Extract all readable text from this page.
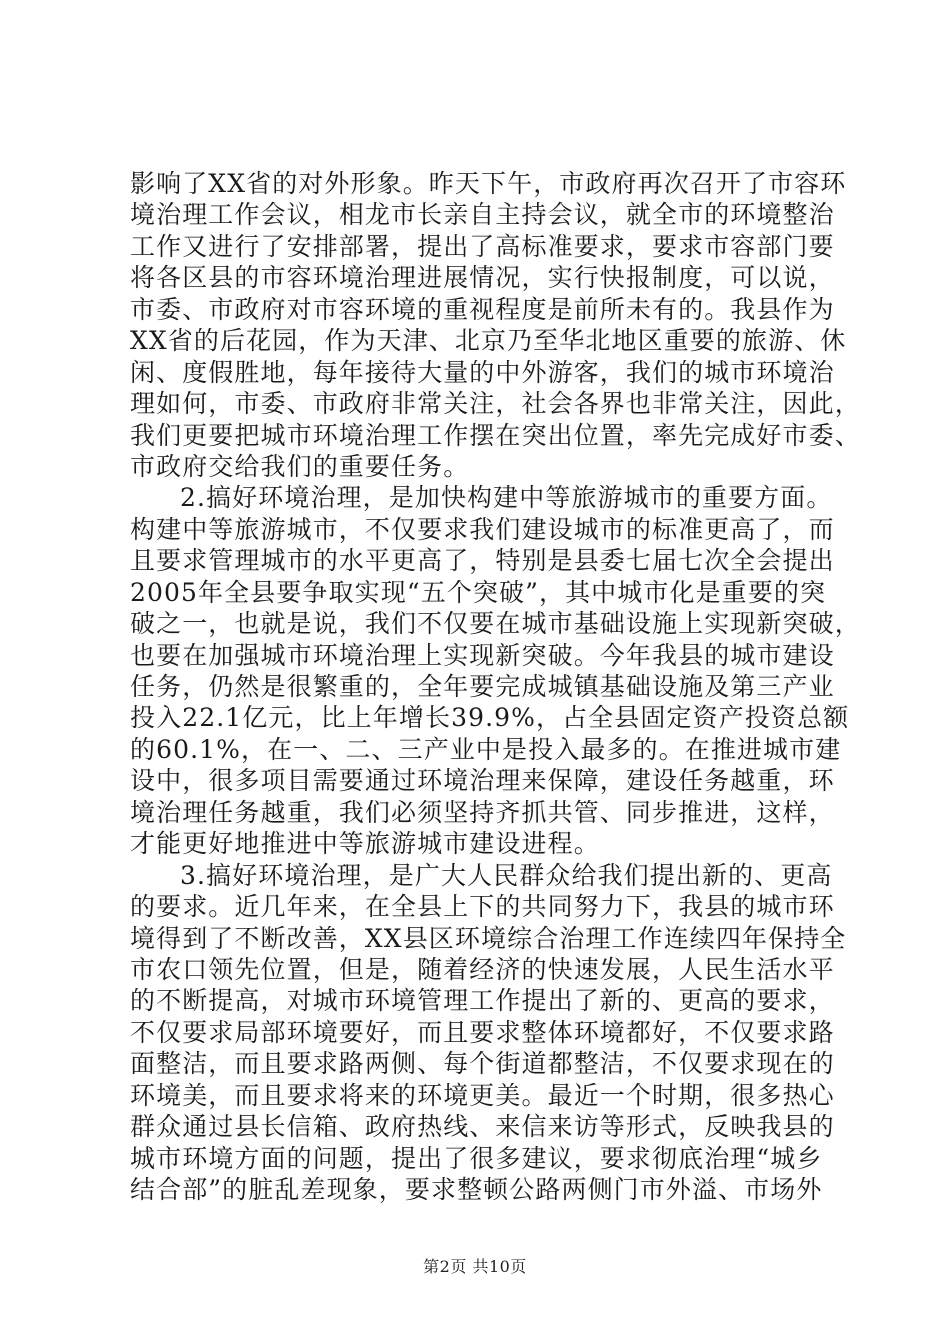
影响了XX省的对外形象。昨天下午，市政府再次召开了市容环
境治理工作会议，相龙市长亲自主持会议，就全市的环境整治
工作又进行了安排部署，提出了高标准要求，要求市容部门要
将各区县的市容环境治理进展情况，实行快报制度，可以说，
市委、市政府对市容环境的重视程度是前所未有的。我县作为
XX省的后花园，作为天津、北京乃至华北地区重要的旅游、休
闲、度假胜地，每年接待大量的中外游客，我们的城市环境治
理如何，市委、市政府非常关注，社会各界也非常关注，因此，
我们更要把城市环境治理工作摆在突出位置，率先完成好市委、
市政府交给我们的重要任务。
2.搞好环境治理，是加快构建中等旅游城市的重要方面。
构建中等旅游城市，不仅要求我们建设城市的标准更高了，而
且要求管理城市的水平更高了，特别是县委七届七次全会提出
2005年全县要争取实现“五个突破”，其中城市化是重要的突
破之一，也就是说，我们不仅要在城市基础设施上实现新突破，
也要在加强城市环境治理上实现新突破。今年我县的城市建设
任务，仍然是很繁重的，全年要完成城镇基础设施及第三产业
投入22.1亿元，比上年增长39.9%，占全县固定资产投资总额
的60.1%，在一、二、三产业中是投入最多的。在推进城市建
设中，很多项目需要通过环境治理来保障，建设任务越重，环
境治理任务越重，我们必须坚持齐抓共管、同步推进，这样，
才能更好地推进中等旅游城市建设进程。
3.搞好环境治理，是广大人民群众给我们提出新的、更高
的要求。近几年来，在全县上下的共同努力下，我县的城市环
境得到了不断改善，XX县区环境综合治理工作连续四年保持全
市农口领先位置，但是，随着经济的快速发展，人民生活水平
的不断提高，对城市环境管理工作提出了新的、更高的要求，
不仅要求局部环境要好，而且要求整体环境都好，不仅要求路
面整洁，而且要求路两侧、每个街道都整洁，不仅要求现在的
环境美，而且要求将来的环境更美。最近一个时期，很多热心
群众通过县长信箱、政府热线、来信来访等形式，反映我县的
城市环境方面的问题，提出了很多建议，要求彻底治理“城乡
结合部”的脏乱差现象，要求整顿公路两侧门市外溢、市场外
第2页 共10页
